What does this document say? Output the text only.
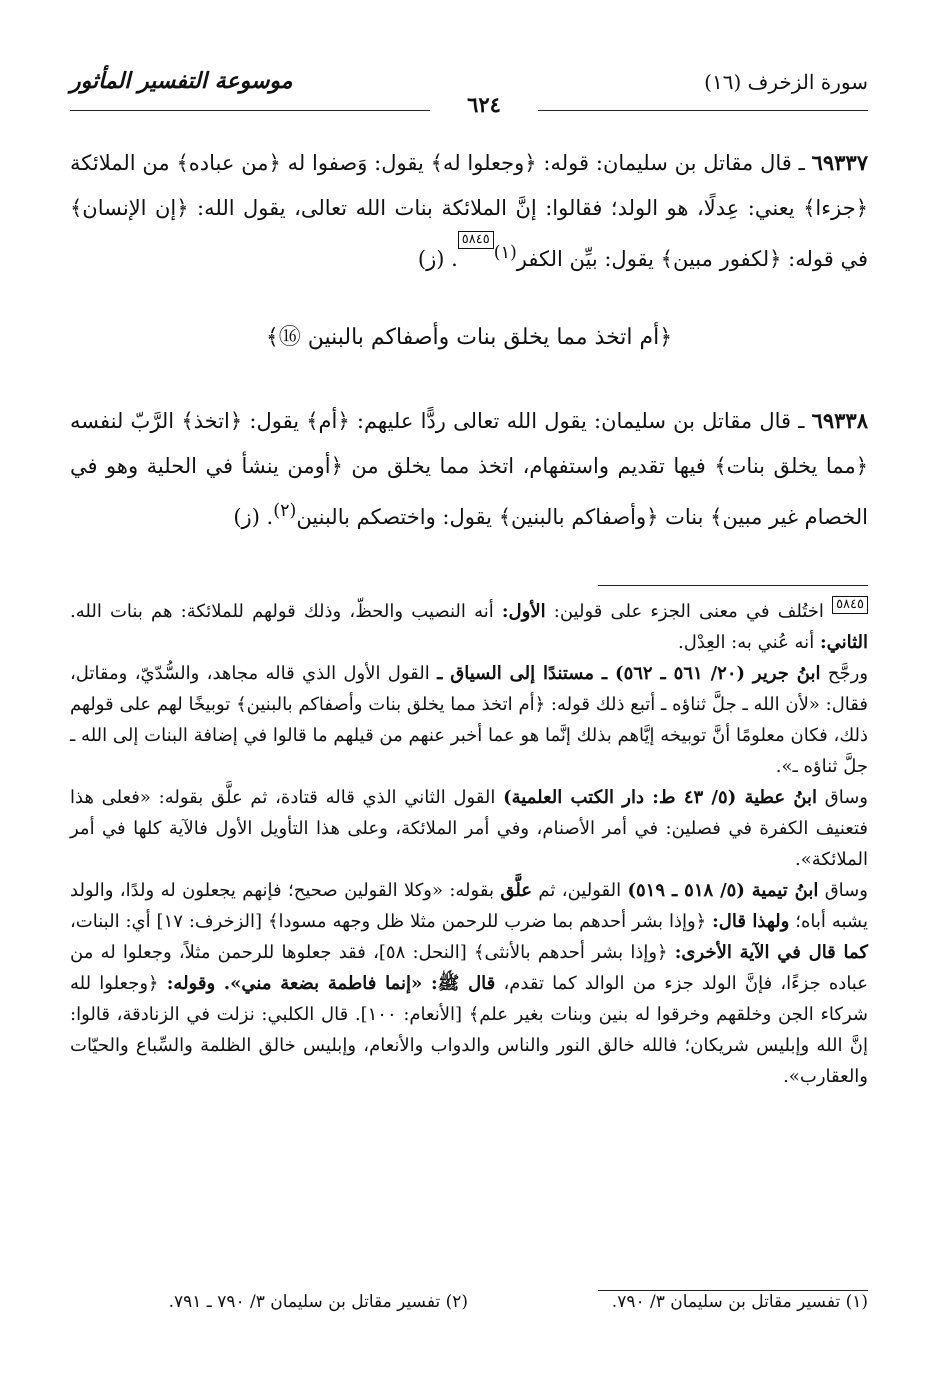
سورة الزخرف (١٦)
موسوعة التفسير المأثور
٦٢٤
٦٩٣٣٧ ـ قال مقاتل بن سليمان: قوله: ﴿وجعلوا له﴾ يقول: وَصفوا له ﴿من عباده﴾ من الملائكة ﴿جزءا﴾ يعني: عِدلًا، هو الولد؛ فقالوا: إنَّ الملائكة بنات الله تعالى، يقول الله: ﴿إن الإنسان﴾ في قوله: ﴿لكفور مبين﴾ يقول: بيِّن الكفر$^{(١)}$٥٨٤٥. (ز)
﴿أم اتخذ مما يخلق بنات وأصفاكم بالبنين ⑯﴾
٦٩٣٣٨ ـ قال مقاتل بن سليمان: يقول الله تعالى ردًّا عليهم: ﴿أم﴾ يقول: ﴿اتخذ﴾ الرَّبّ لنفسه ﴿مما يخلق بنات﴾ فيها تقديم واستفهام، اتخذ مما يخلق من ﴿أومن ينشأ في الحلية وهو في الخصام غير مبين﴾ بنات ﴿وأصفاكم بالبنين﴾ يقول: واختصكم بالبنين$^{(٢)}$. (ز)

٥٨٤٥ اختُلف في معنى الجزء على قولين: الأول: أنه النصيب والحظّ، وذلك قولهم للملائكة: هم بنات الله. الثاني: أنه عُني به: العِدْل.

ورجَّح ابنُ جرير (٢٠/ ٥٦١ ـ ٥٦٢) ـ مستندًا إلى السياق ـ القول الأول الذي قاله مجاهد، والسُّدّيّ، ومقاتل، فقال: «لأن الله ـ جلَّ ثناؤه ـ أتبع ذلك قوله: ﴿أم اتخذ مما يخلق بنات وأصفاكم بالبنين﴾ توبيخًا لهم على قولهم ذلك، فكان معلومًا أنَّ توبيخه إيَّاهم بذلك إنَّما هو عما أخبر عنهم من قيلهم ما قالوا في إضافة البنات إلى الله ـ جلَّ ثناؤه ـ».

وساق ابنُ عطية (٥/ ٤٣ ط: دار الكتب العلمية) القول الثاني الذي قاله قتادة، ثم علَّق بقوله: «فعلى هذا فتعنيف الكفرة في فصلين: في أمر الأصنام، وفي أمر الملائكة، وعلى هذا التأويل الأول فالآية كلها في أمر الملائكة».

وساق ابنُ تيمية (٥/ ٥١٨ ـ ٥١٩) القولين، ثم علَّق بقوله: «وكلا القولين صحيح؛ فإنهم يجعلون له ولدًا، والولد يشبه أباه؛ ولهذا قال: ﴿وإذا بشر أحدهم بما ضرب للرحمن مثلا ظل وجهه مسودا﴾ [الزخرف: ١٧] أي: البنات، كما قال في الآية الأخرى: ﴿وإذا بشر أحدهم بالأنثى﴾ [النحل: ٥٨]، فقد جعلوها للرحمن مثلاً، وجعلوا له من عباده جزءًا، فإنَّ الولد جزء من الوالد كما تقدم، قال ﷺ: «إنما فاطمة بضعة مني». وقوله: ﴿وجعلوا لله شركاء الجن وخلقهم وخرقوا له بنين وبنات بغير علم﴾ [الأنعام: ١٠٠]. قال الكلبي: نزلت في الزنادقة، قالوا: إنَّ الله وإبليس شريكان؛ فالله خالق النور والناس والدواب والأنعام، وإبليس خالق الظلمة والسِّباع والحيّات والعقارب».

(١) تفسير مقاتل بن سليمان ٣/ ٧٩٠.
(٢) تفسير مقاتل بن سليمان ٣/ ٧٩٠ ـ ٧٩١.
